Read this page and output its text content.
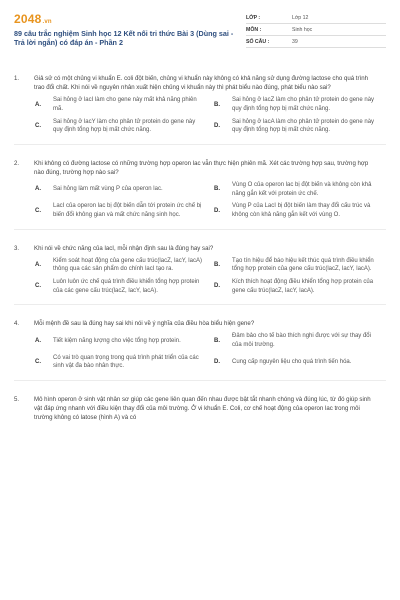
2048.vn
89 câu trắc nghiệm Sinh học 12 Kết nối tri thức Bài 3 (Dùng sai - Trả lời ngắn) có đáp án - Phần 2
LỚP :	Lớp 12
MÔN :	Sinh học
SỐ CÂU :	39
1.	Giả sử có một chủng vi khuẩn E. coli đột biến, chủng vi khuẩn này không có khả năng sử dụng đường lactose cho quá trình trao đổi chất. Khi nói về nguyên nhân xuất hiện chủng vi khuẩn này thì phát biểu nào đúng, phát biểu nào sai?
A.
Sai hỏng ở lacI làm cho gene này mất khả năng phiên mã.
B.
Sai hỏng ở lacZ làm cho phân tử protein do gene này quy định tổng hợp bị mất chức năng.
C.
Sai hỏng ở lacY làm cho phân tử protein do gene này quy định tổng hợp bị mất chức năng.
D.
Sai hỏng ở lacA làm cho phân tử protein do gene này quy định tổng hợp bị mất chức năng.
2.	Khi không có đường lactose có những trường hợp operon lac vẫn thực hiện phiên mã. Xét các trường hợp sau, trường hợp nào đúng, trường hợp nào sai?
A.	Sai hỏng làm mất vùng P của operon lac.	B.
Vùng O của operon lac bị đột biến và không còn khả năng gắn kết với protein ức chế.
C.
LacI của operon lac bị đột biến dẫn tới protein ức chế bị biến đổi không gian và mất chức năng sinh học.
D.
Vùng P của LacI bị đột biến làm thay đổi cấu trúc và không còn khả năng gắn kết với vùng O.
3.	Khi nói về chức năng của lacI, mỗi nhận định sau là đúng hay sai?
A.
Kiểm soát hoạt động của gene cấu trúc(lacZ, lacY, lacA) thông qua các sản phẩm do chính lacI tạo ra.
B.
Tạo tín hiệu để báo hiệu kết thúc quá trình điều khiển tổng hợp protein của gene cấu trúc(lacZ, lacY, lacA).
C.
Luôn luôn ức chế quá trình điều khiển tổng hợp protein của các gene cấu trúc(lacZ, lacY, lacA).
D.
Kích thích hoạt động điều khiển tổng hợp protein của gene cấu trúc(lacZ, lacY, lacA).
4.	Mỗi mệnh đề sau là đúng hay sai khi nói về ý nghĩa của điều hòa biểu hiện gene?
A.	Tiết kiệm năng lượng cho việc tổng hợp protein.	B.
Đảm bảo cho tế bào thích nghi được với sự thay đổi của môi trường.
C.
Có vai trò quan trọng trong quá trình phát triển của các sinh vật đa bào nhân thực.
D.	Cung cấp nguyên liệu cho quá trình tiến hóa.
5.	Mô hình operon ở sinh vật nhân sơ giúp các gene liên quan đến nhau được bật tắt nhanh chóng và đúng lúc, từ đó giúp sinh vật đáp ứng nhanh với điều kiện thay đổi của môi trường. Ở vi khuẩn E. Coli, cơ chế hoạt động của operon lac trong môi trường không có latose (hình A) và có
